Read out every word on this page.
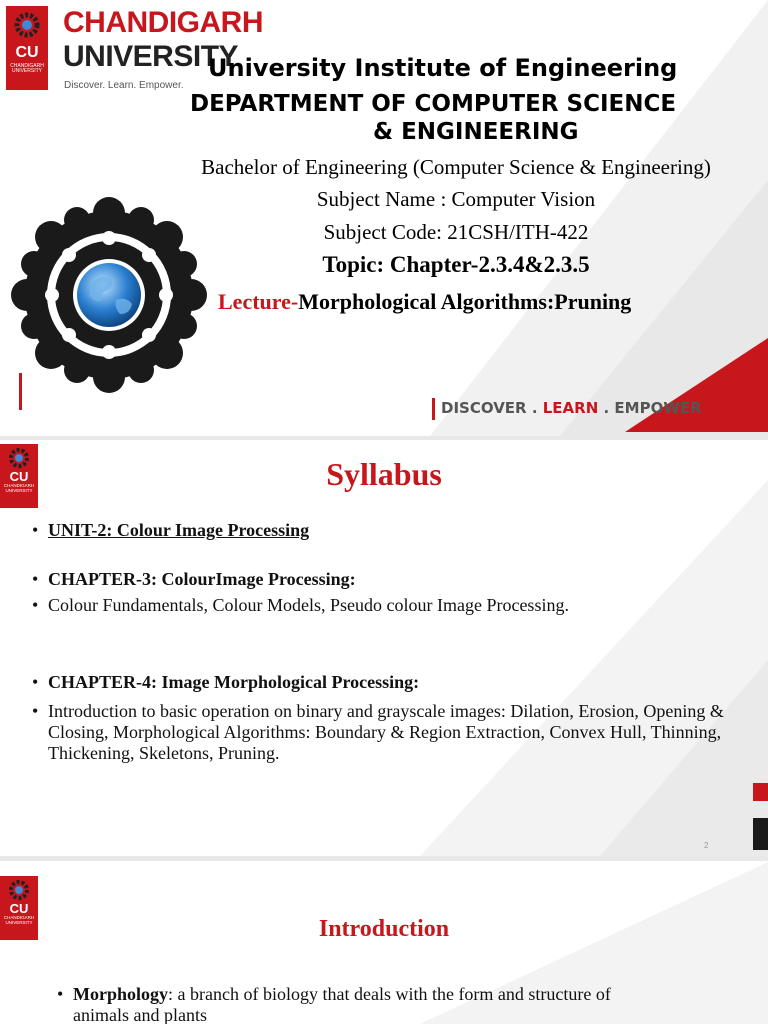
CU
CHANDIGARH
UNIVERSITY
CHANDIGARH
UNIVERSITY
Discover. Learn. Empower.
University Institute of Engineering
DEPARTMENT OF COMPUTER SCIENCE
& ENGINEERING
Bachelor of Engineering (Computer Science & Engineering)
Subject Name : Computer Vision
Subject Code: 21CSH/ITH-422
Topic: Chapter-2.3.4&2.3.5
Lecture-Morphological Algorithms:Pruning
DISCOVER . LEARN . EMPOWER
CU
CHANDIGARH
UNIVERSITY	Syllabus
• UNIT-2: Colour Image Processing
• CHAPTER-3: ColourImage Processing:
• Colour Fundamentals, Colour Models, Pseudo colour Image Processing.
• CHAPTER-4: Image Morphological Processing:
• Introduction to basic operation on binary and grayscale images: Dilation, Erosion, Opening & Closing, Morphological Algorithms: Boundary & Region Extraction, Convex Hull, Thinning, Thickening, Skeletons, Pruning.
2
CU
CHANDIGARH
UNIVERSITY	Introduction
• Morphology: a branch of biology that deals with the form and structure of animals and plants
